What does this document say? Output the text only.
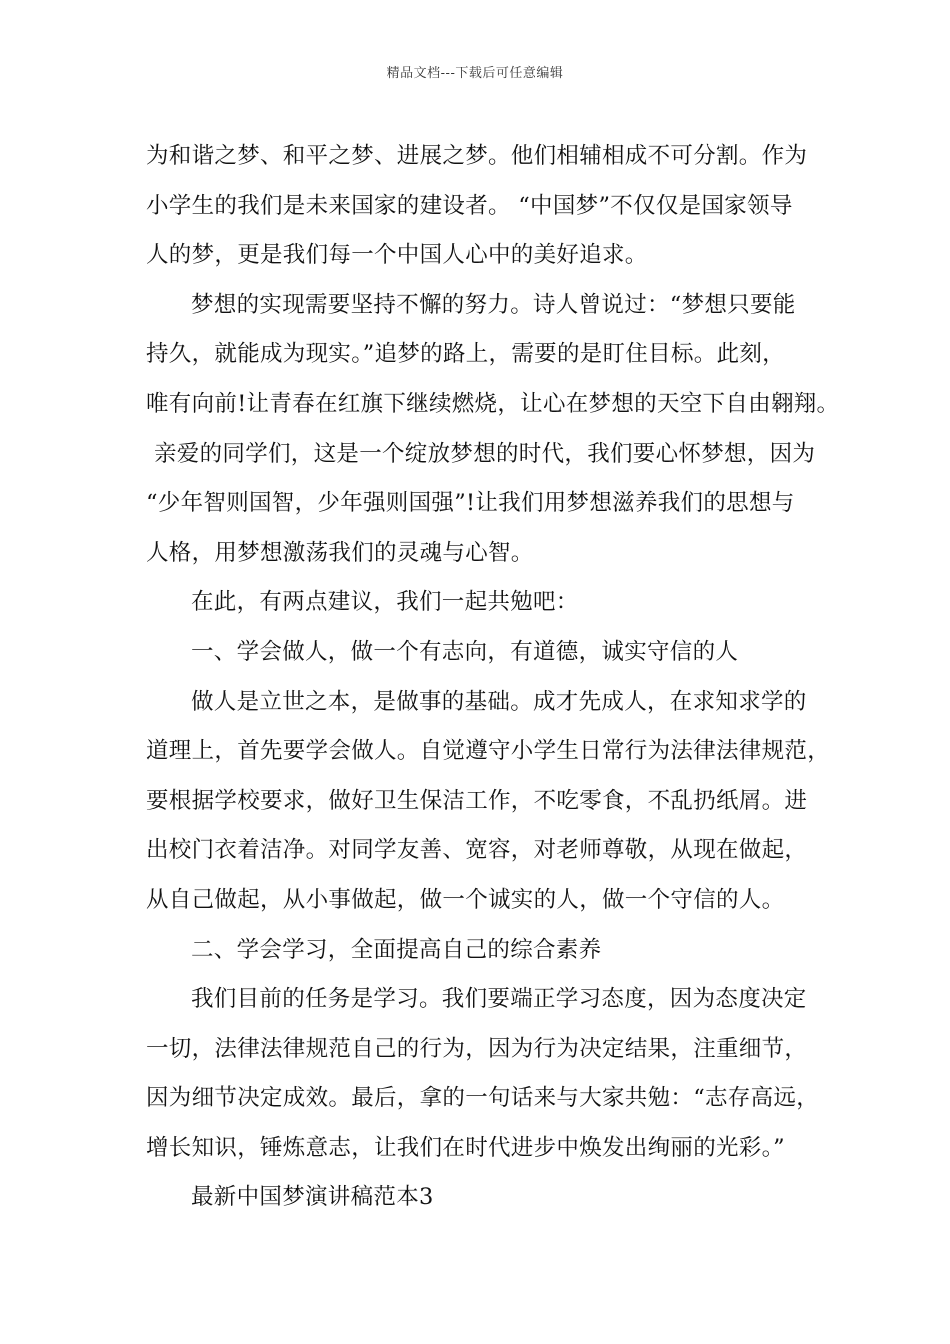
精品文档---下载后可任意编辑
为和谐之梦、和平之梦、进展之梦。他们相辅相成不可分割。作为
小学生的我们是未来国家的建设者。 “中国梦”不仅仅是国家领导
人的梦，更是我们每一个中国人心中的美好追求。
梦想的实现需要坚持不懈的努力。诗人曾说过：“梦想只要能
持久，就能成为现实。”追梦的路上，需要的是盯住目标。此刻，
唯有向前!让青春在红旗下继续燃烧，让心在梦想的天空下自由翱翔。
亲爱的同学们，这是一个绽放梦想的时代，我们要心怀梦想，因为
“少年智则国智，少年强则国强”!让我们用梦想滋养我们的思想与
人格，用梦想激荡我们的灵魂与心智。
在此，有两点建议，我们一起共勉吧：
一、学会做人，做一个有志向，有道德，诚实守信的人
做人是立世之本，是做事的基础。成才先成人，在求知求学的
道理上，首先要学会做人。自觉遵守小学生日常行为法律法律规范，
要根据学校要求，做好卫生保洁工作，不吃零食，不乱扔纸屑。进
出校门衣着洁净。对同学友善、宽容，对老师尊敬，从现在做起，
从自己做起，从小事做起，做一个诚实的人，做一个守信的人。
二、学会学习，全面提高自己的综合素养
我们目前的任务是学习。我们要端正学习态度，因为态度决定
一切，法律法律规范自己的行为，因为行为决定结果，注重细节，
因为细节决定成效。最后，拿的一句话来与大家共勉：“志存高远，
增长知识，锤炼意志，让我们在时代进步中焕发出绚丽的光彩。”
最新中国梦演讲稿范本3
